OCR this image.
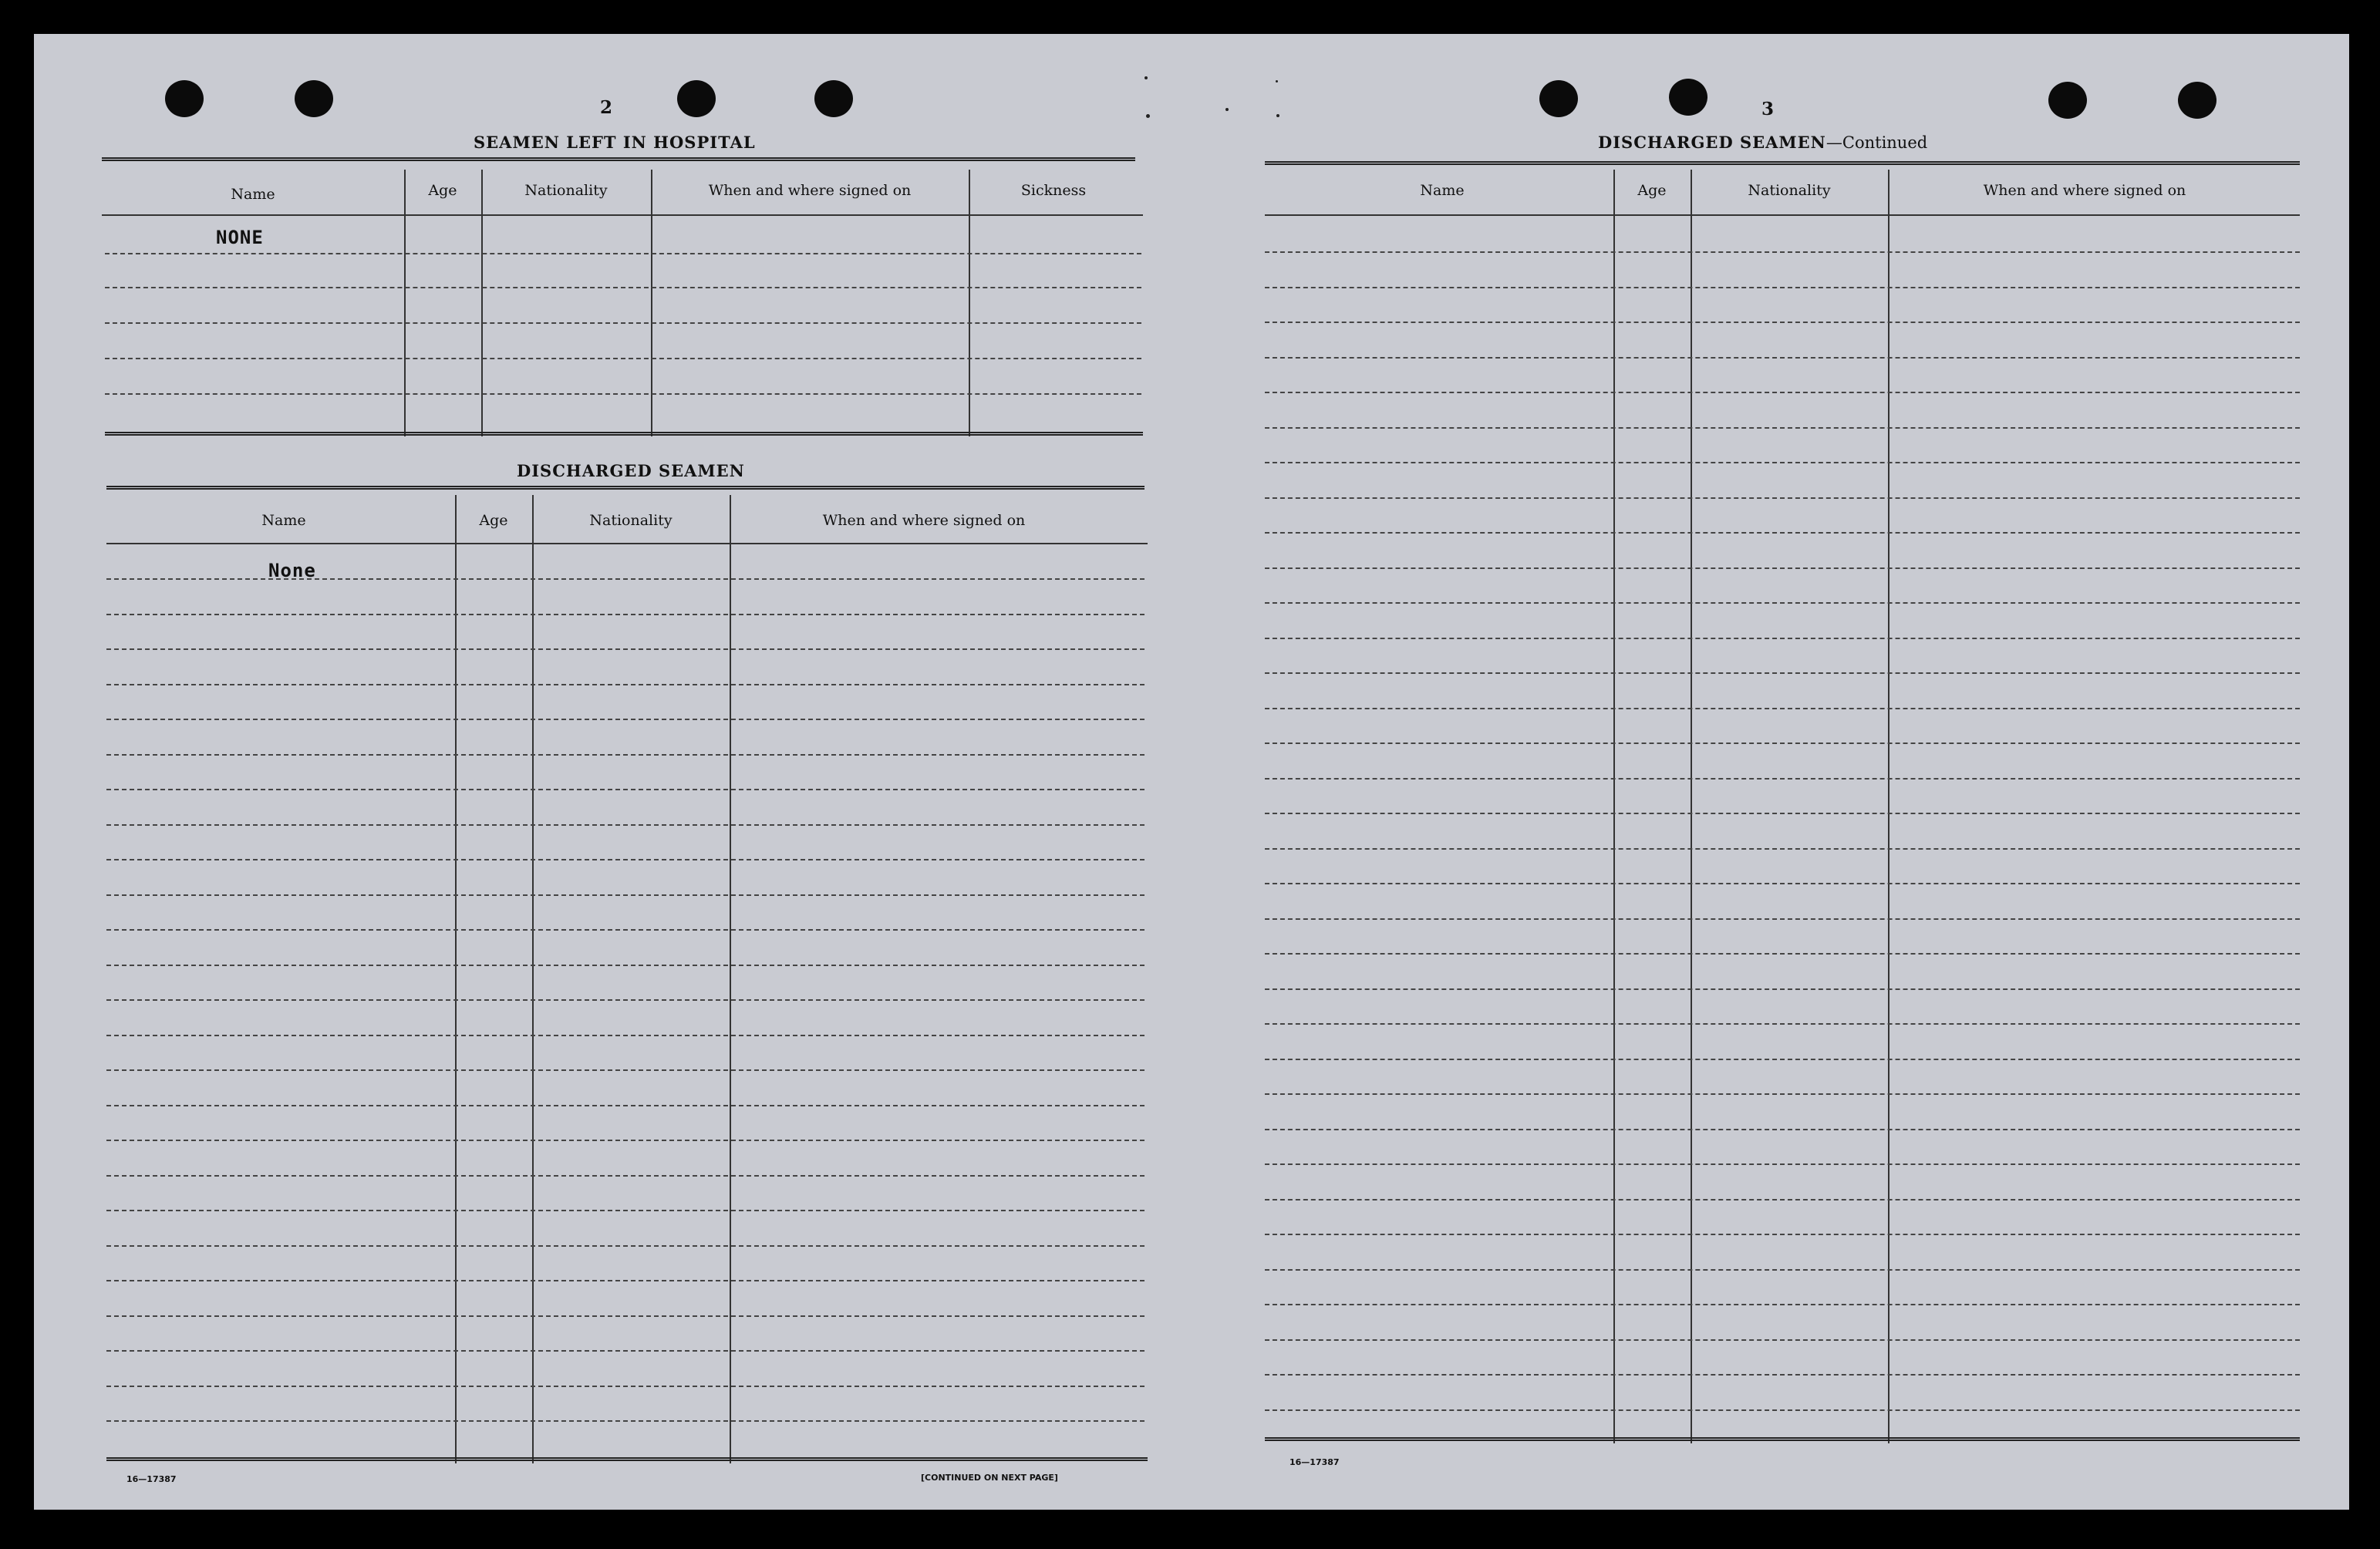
2
SEAMEN LEFT IN HOSPITAL
Name	Age	Nationality	When and where signed on	Sickness
NONE
DISCHARGED SEAMEN
Name	Age	Nationality	When and where signed on
None
16—17387	[CONTINUED ON NEXT PAGE]
3
DISCHARGED SEAMEN—Continued
Name	Age	Nationality	When and where signed on
16—17387
